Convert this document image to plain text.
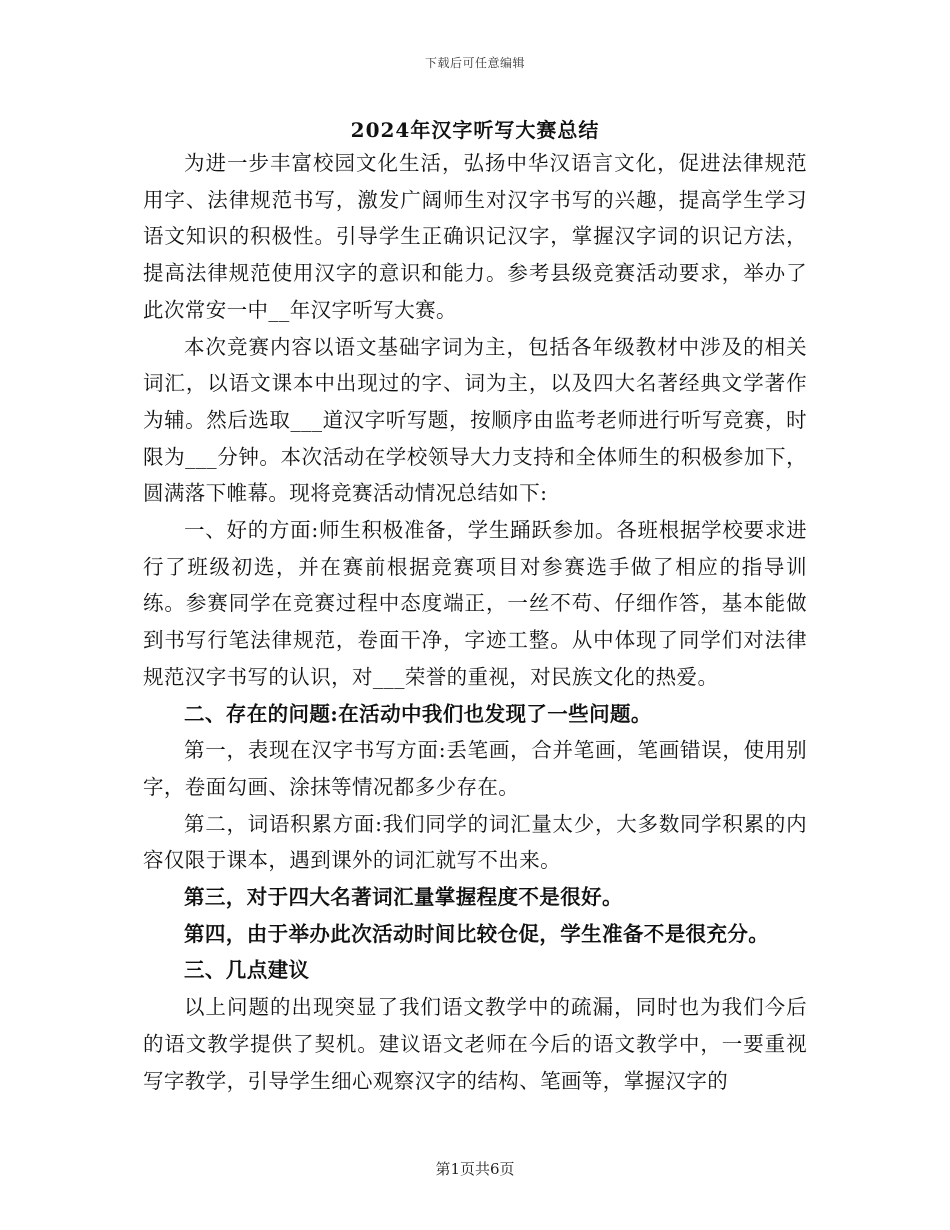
下载后可任意编辑
2024年汉字听写大赛总结

为进一步丰富校园文化生活，弘扬中华汉语言文化，促进法律规范用字、法律规范书写，激发广阔师生对汉字书写的兴趣，提高学生学习语文知识的积极性。引导学生正确识记汉字，掌握汉字词的识记方法，提高法律规范使用汉字的意识和能力。参考县级竞赛活动要求，举办了此次常安一中__年汉字听写大赛。

本次竞赛内容以语文基础字词为主，包括各年级教材中涉及的相关词汇，以语文课本中出现过的字、词为主，以及四大名著经典文学著作为辅。然后选取___道汉字听写题，按顺序由监考老师进行听写竞赛，时限为___分钟。本次活动在学校领导大力支持和全体师生的积极参加下，圆满落下帷幕。现将竞赛活动情况总结如下:

一、好的方面:师生积极准备，学生踊跃参加。各班根据学校要求进行了班级初选，并在赛前根据竞赛项目对参赛选手做了相应的指导训练。参赛同学在竞赛过程中态度端正，一丝不苟、仔细作答，基本能做到书写行笔法律规范，卷面干净，字迹工整。从中体现了同学们对法律规范汉字书写的认识，对___荣誉的重视，对民族文化的热爱。

二、存在的问题:在活动中我们也发现了一些问题。

第一，表现在汉字书写方面:丢笔画，合并笔画，笔画错误，使用别字，卷面勾画、涂抹等情况都多少存在。

第二，词语积累方面:我们同学的词汇量太少，大多数同学积累的内容仅限于课本，遇到课外的词汇就写不出来。

第三，对于四大名著词汇量掌握程度不是很好。

第四，由于举办此次活动时间比较仓促，学生准备不是很充分。

三、几点建议

以上问题的出现突显了我们语文教学中的疏漏，同时也为我们今后的语文教学提供了契机。建议语文老师在今后的语文教学中，一要重视写字教学，引导学生细心观察汉字的结构、笔画等，掌握汉字的

第1页共6页
